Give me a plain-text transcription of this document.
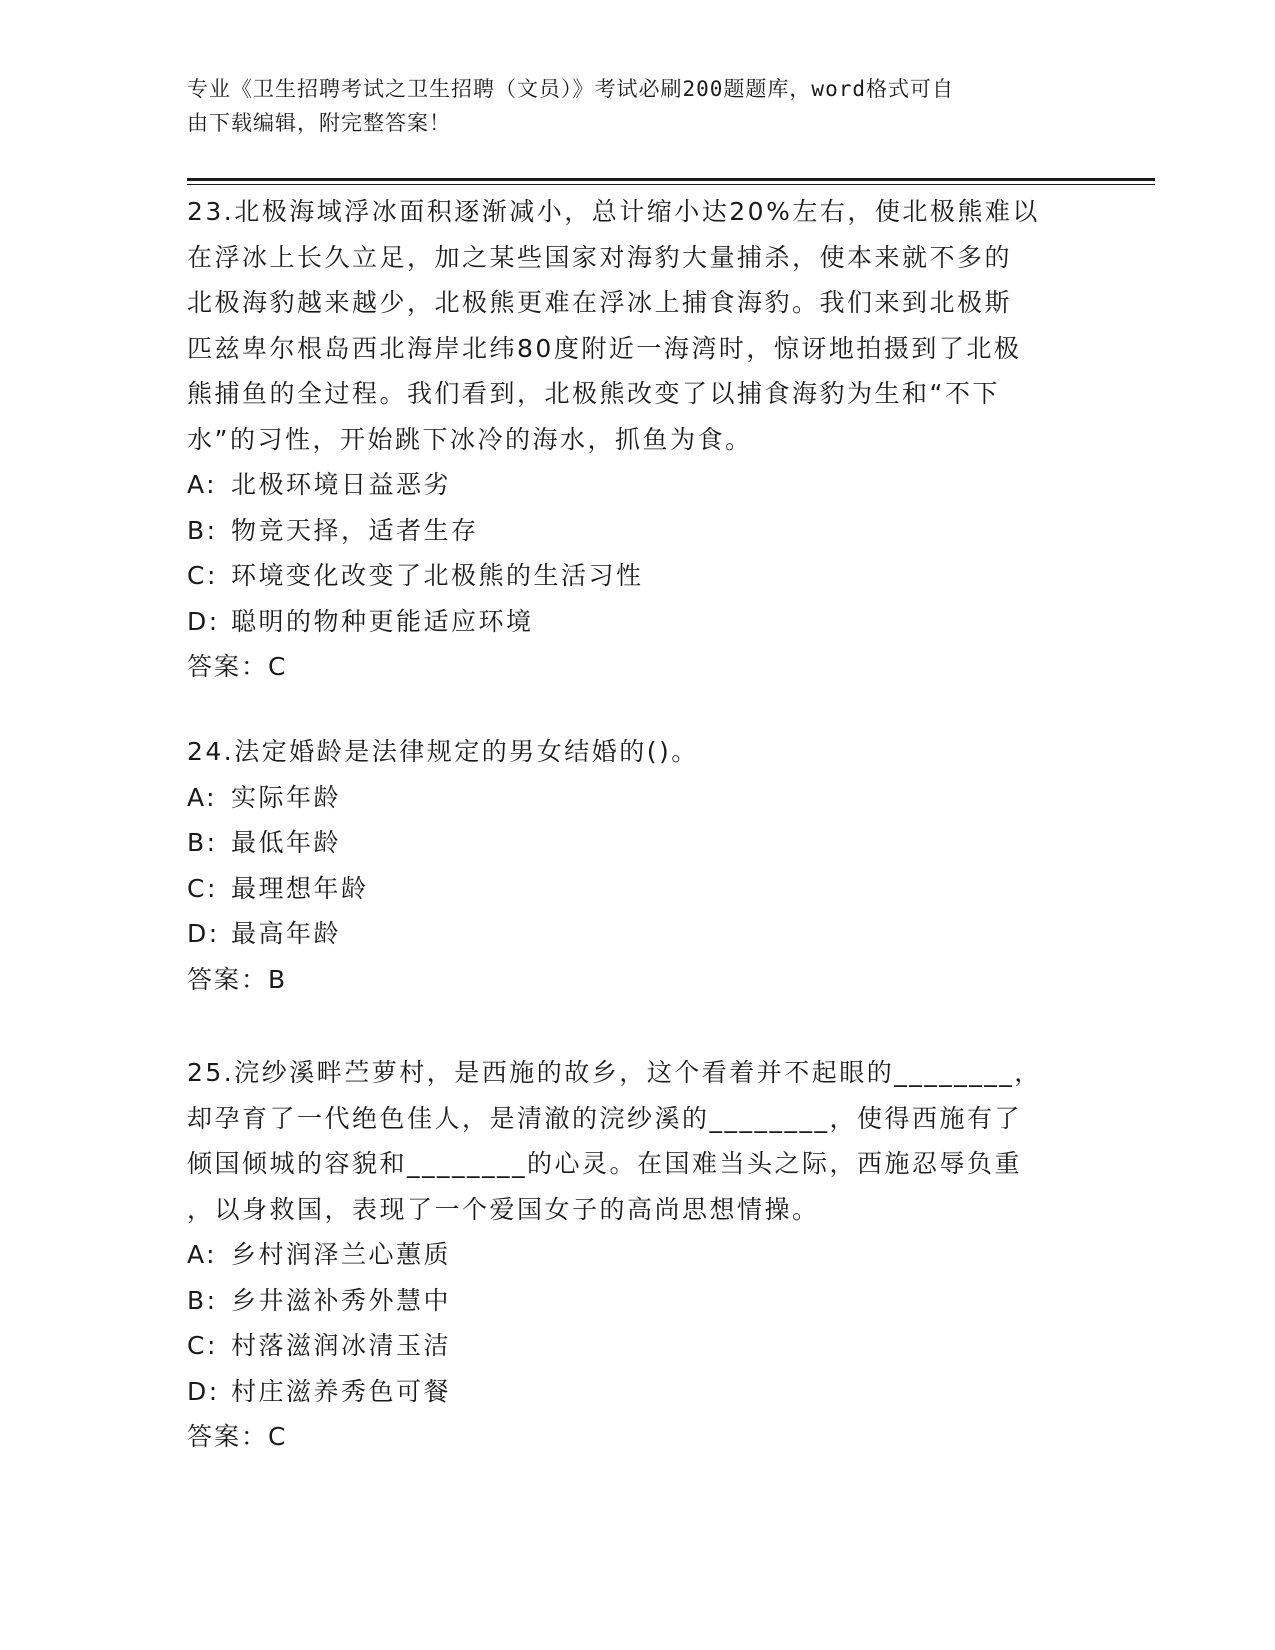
专业《卫生招聘考试之卫生招聘（文员）》考试必刷200题题库，word格式可自
由下载编辑，附完整答案！
23.北极海域浮冰面积逐渐减小，总计缩小达20%左右，使北极熊难以
在浮冰上长久立足，加之某些国家对海豹大量捕杀，使本来就不多的
北极海豹越来越少，北极熊更难在浮冰上捕食海豹。我们来到北极斯
匹兹卑尔根岛西北海岸北纬80度附近一海湾时，惊讶地拍摄到了北极
熊捕鱼的全过程。我们看到，北极熊改变了以捕食海豹为生和“不下
水”的习性，开始跳下冰冷的海水，抓鱼为食。
A: 北极环境日益恶劣
B: 物竞天择，适者生存
C: 环境变化改变了北极熊的生活习性
D: 聪明的物种更能适应环境
答案：C
24.法定婚龄是法律规定的男女结婚的()。
A: 实际年龄
B: 最低年龄
C: 最理想年龄
D: 最高年龄
答案：B
25.浣纱溪畔苎萝村，是西施的故乡，这个看着并不起眼的________，
却孕育了一代绝色佳人，是清澈的浣纱溪的________，使得西施有了
倾国倾城的容貌和________的心灵。在国难当头之际，西施忍辱负重
，以身救国，表现了一个爱国女子的高尚思想情操。
A: 乡村润泽兰心蕙质
B: 乡井滋补秀外慧中
C: 村落滋润冰清玉洁
D: 村庄滋养秀色可餐
答案：C
